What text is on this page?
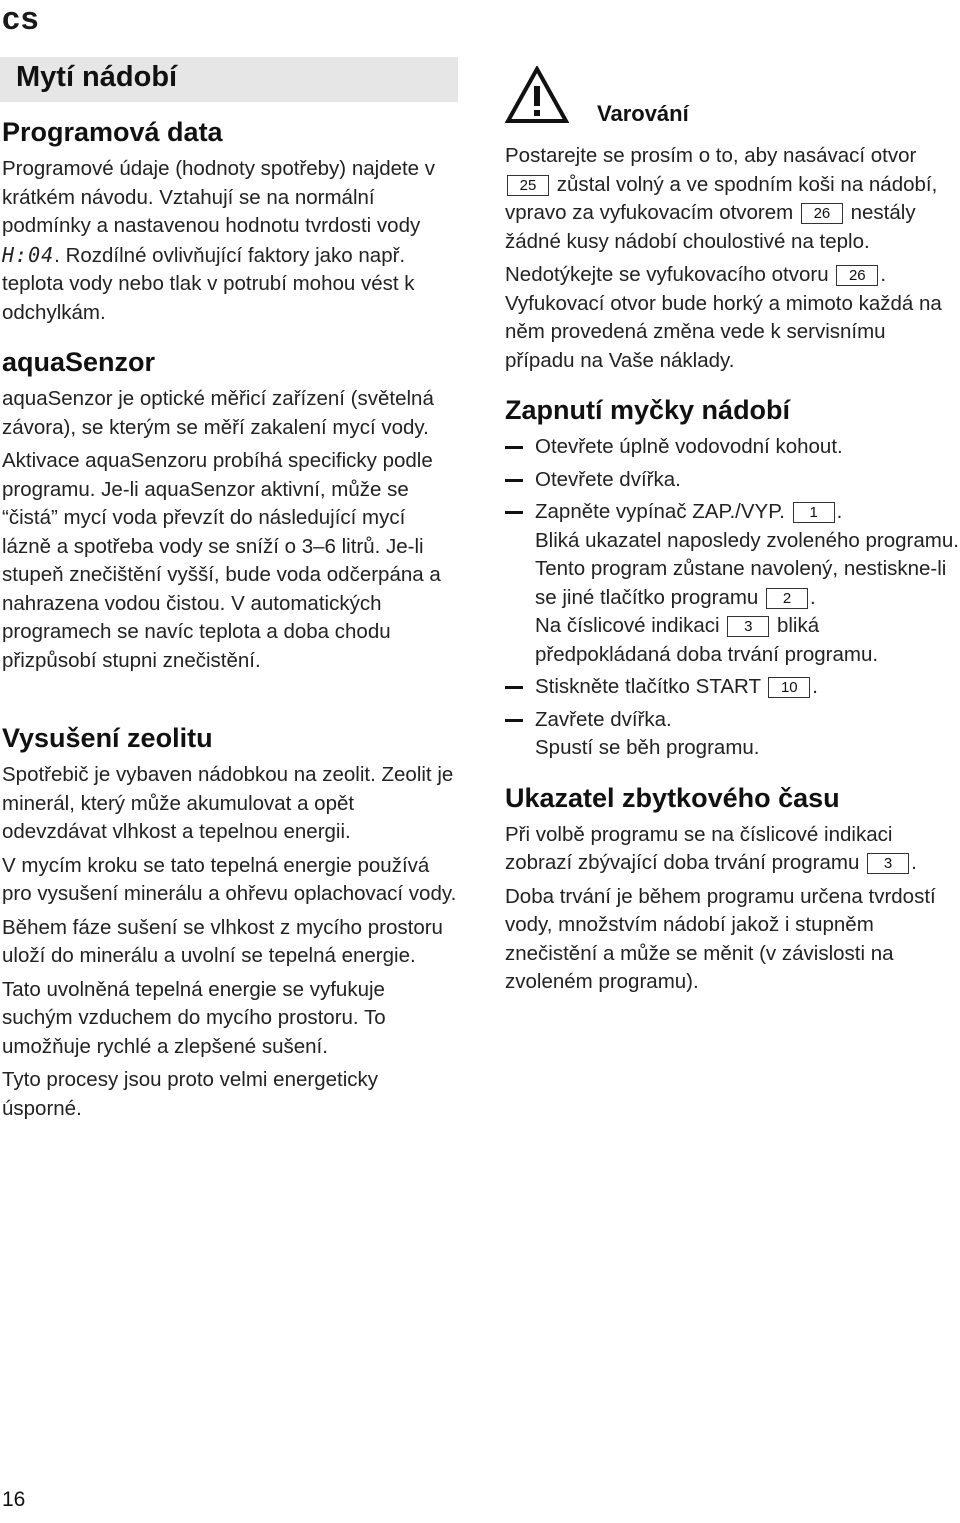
cs
Mytí nádobí
Programová data

Programové údaje (hodnoty spotřeby) najdete v krátkém návodu. Vztahují se na normální podmínky a nastavenou hodnotu tvrdosti vody H:04. Rozdílné ovlivňující faktory jako např. teplota vody nebo tlak v potrubí mohou vést k odchylkám.

aquaSenzor

aquaSenzor je optické měřicí zařízení (světelná závora), se kterým se měří zakalení mycí vody.

Aktivace aquaSenzoru probíhá specificky podle programu. Je-li aquaSenzor aktivní, může se “čistá” mycí voda převzít do následující mycí lázně a spotřeba vody se sníží o 3–6 litrů. Je-li stupeň znečištění vyšší, bude voda odčerpána a nahrazena vodou čistou. V automatických programech se navíc teplota a doba chodu přizpůsobí stupni znečistění.

Vysušení zeolitu

Spotřebič je vybaven nádobkou na zeolit. Zeolit je minerál, který může akumulovat a opět odevzdávat vlhkost a tepelnou energii.

V mycím kroku se tato tepelná energie používá pro vysušení minerálu a ohřevu oplachovací vody.

Během fáze sušení se vlhkost z mycího prostoru uloží do minerálu a uvolní se tepelná energie.

Tato uvolněná tepelná energie se vyfukuje suchým vzduchem do mycího prostoru. To umožňuje rychlé a zlepšené sušení.

Tyto procesy jsou proto velmi energeticky úsporné.

Varování

Postarejte se prosím o to, aby nasávací otvor 25 zůstal volný a ve spodním koši na nádobí, vpravo za vyfukovacím otvorem 26 nestály žádné kusy nádobí choulostivé na teplo.

Nedotýkejte se vyfukovacího otvoru 26 . Vyfukovací otvor bude horký a mimoto každá na něm provedená změna vede k servisnímu případu na Vaše náklady.

Zapnutí myčky nádobí
Otevřete úplně vodovodní kohout.
Otevřete dvířka.
Zapněte vypínač ZAP./VYP. 1 .
Bliká ukazatel naposledy zvoleného programu. Tento program zůstane navolený, nestiskne-li se jiné tlačítko programu 2 .
Na číslicové indikaci 3 bliká předpokládaná doba trvání programu.
Stiskněte tlačítko START 10 .
Zavřete dvířka.
Spustí se běh programu.
Ukazatel zbytkového času

Při volbě programu se na číslicové indikaci zobrazí zbývající doba trvání programu 3 .

Doba trvání je během programu určena tvrdostí vody, množstvím nádobí jakož i stupněm znečistění a může se měnit (v závislosti na zvoleném programu).

16
